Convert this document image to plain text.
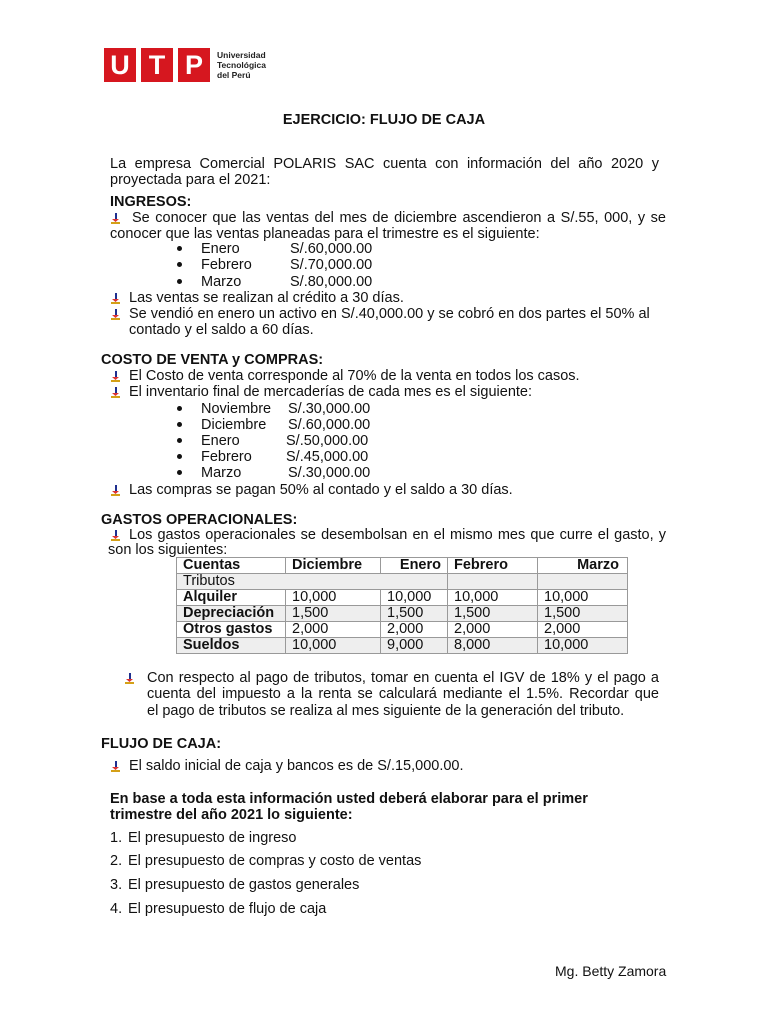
U T P	Universidad
Tecnológica
del Perú
EJERCICIO: FLUJO DE CAJA
La empresa Comercial POLARIS SAC cuenta con información del año 2020 y
proyectada para el 2021:
INGRESOS:
Se conocer que las ventas del mes de diciembre ascendieron a S/.55, 000, y se
conocer que las ventas planeadas para el trimestre es el siguiente:
Enero	S/.60,000.00
Febrero	S/.70,000.00
Marzo	S/.80,000.00
Las ventas se realizan al crédito a 30 días.
Se vendió en enero un activo en S/.40,000.00 y se cobró en dos partes el 50% al
contado y el saldo a 60 días.
COSTO DE VENTA y COMPRAS:
El Costo de venta corresponde al 70% de la venta en todos los casos.
El inventario final de mercaderías de cada mes es el siguiente:
Noviembre S/.30,000.00
Diciembre S/.60,000.00
Enero	S/.50,000.00
Febrero S/.45,000.00
Marzo	S/.30,000.00
Las compras se pagan 50% al contado y el saldo a 30 días.
GASTOS OPERACIONALES:
Los gastos operacionales se desembolsan en el mismo mes que curre el gasto, y
son los siguientes:
Cuentas	Diciembre	Enero	Febrero	Marzo
Tributos				
Alquiler	10,000	10,000	10,000	10,000
Depreciación	1,500	1,500	1,500	1,500
Otros gastos	2,000	2,000	2,000	2,000
Sueldos	10,000	9,000	8,000	10,000
Con respecto al pago de tributos, tomar en cuenta el IGV de 18% y el pago a
cuenta del impuesto a la renta se calculará mediante el 1.5%. Recordar que
el pago de tributos se realiza al mes siguiente de la generación del tributo.
FLUJO DE CAJA:
El saldo inicial de caja y bancos es de S/.15,000.00.
En base a toda esta información usted deberá elaborar para el primer
trimestre del año 2021 lo siguiente:
1. El presupuesto de ingreso
2. El presupuesto de compras y costo de ventas
3. El presupuesto de gastos generales
4. El presupuesto de flujo de caja
Mg. Betty Zamora
